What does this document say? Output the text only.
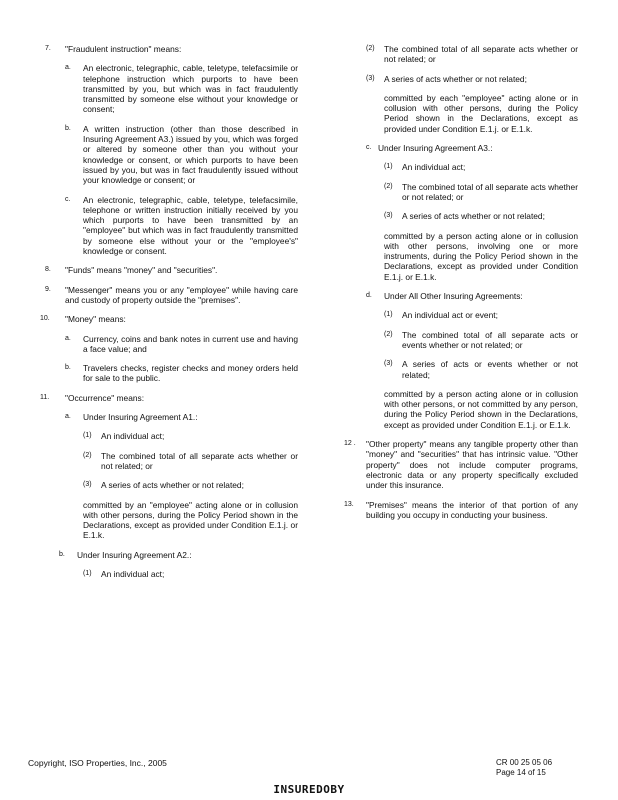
7. "Fraudulent instruction" means:
a. An electronic, telegraphic, cable, teletype, telefacsimile or telephone instruction which purports to have been transmitted by you, but which was in fact fraudulently transmitted by someone else without your knowledge or consent;
b. A written instruction (other than those described in Insuring Agreement A3.) issued by you, which was forged or altered by someone other than you without your knowledge or consent, or which purports to have been issued by you, but was in fact fraudulently issued without your knowledge or consent; or
c. An electronic, telegraphic, cable, teletype, telefacsimile, telephone or written instruction initially received by you which purports to have been transmitted by an "employee" but which was in fact fraudulently transmitted by someone else without your or the "employee's" knowledge or consent.
8. "Funds" means "money" and "securities".
9. "Messenger" means you or any "employee" while having care and custody of property outside the "premises".
10. "Money" means:
a. Currency, coins and bank notes in current use and having a face value; and
b. Travelers checks, register checks and money orders held for sale to the public.
11. "Occurrence" means:
a. Under Insuring Agreement A1.:
(1) An individual act;
(2) The combined total of all separate acts whether or not related; or
(3) A series of acts whether or not related;
committed by an "employee" acting alone or in collusion with other persons, during the Policy Period shown in the Declarations, except as provided under Condition E.1.j. or E.1.k.
b. Under Insuring Agreement A2.:
(1) An individual act;
(2) The combined total of all separate acts whether or not related; or
(3) A series of acts whether or not related;
committed by each "employee" acting alone or in collusion with other persons, during the Policy Period shown in the Declarations, except as provided under Condition E.1.j. or E.1.k.
c. Under Insuring Agreement A3.:
(1) An individual act;
(2) The combined total of all separate acts whether or not related; or
(3) A series of acts whether or not related;
committed by a person acting alone or in collusion with other persons, involving one or more instruments, during the Policy Period shown in the Declarations, except as provided under Condition E.1.j. or E.1.k.
d. Under All Other Insuring Agreements:
(1) An individual act or event;
(2) The combined total of all separate acts or events whether or not related; or
(3) A series of acts or events whether or not related;
committed by a person acting alone or in collusion with other persons, or not committed by any person, during the Policy Period shown in the Declarations, except as provided under Condition E.1.j. or E.1.k.
12 . "Other property" means any tangible property other than "money" and "securities" that has intrinsic value. "Other property" does not include computer programs, electronic data or any property specifically excluded under this insurance.
13. "Premises" means the interior of that portion of any building you occupy in conducting your business.
Copyright, ISO Properties, Inc., 2005	CR 00 25 05 06
Page 14 of 15
INSUREDOBY
